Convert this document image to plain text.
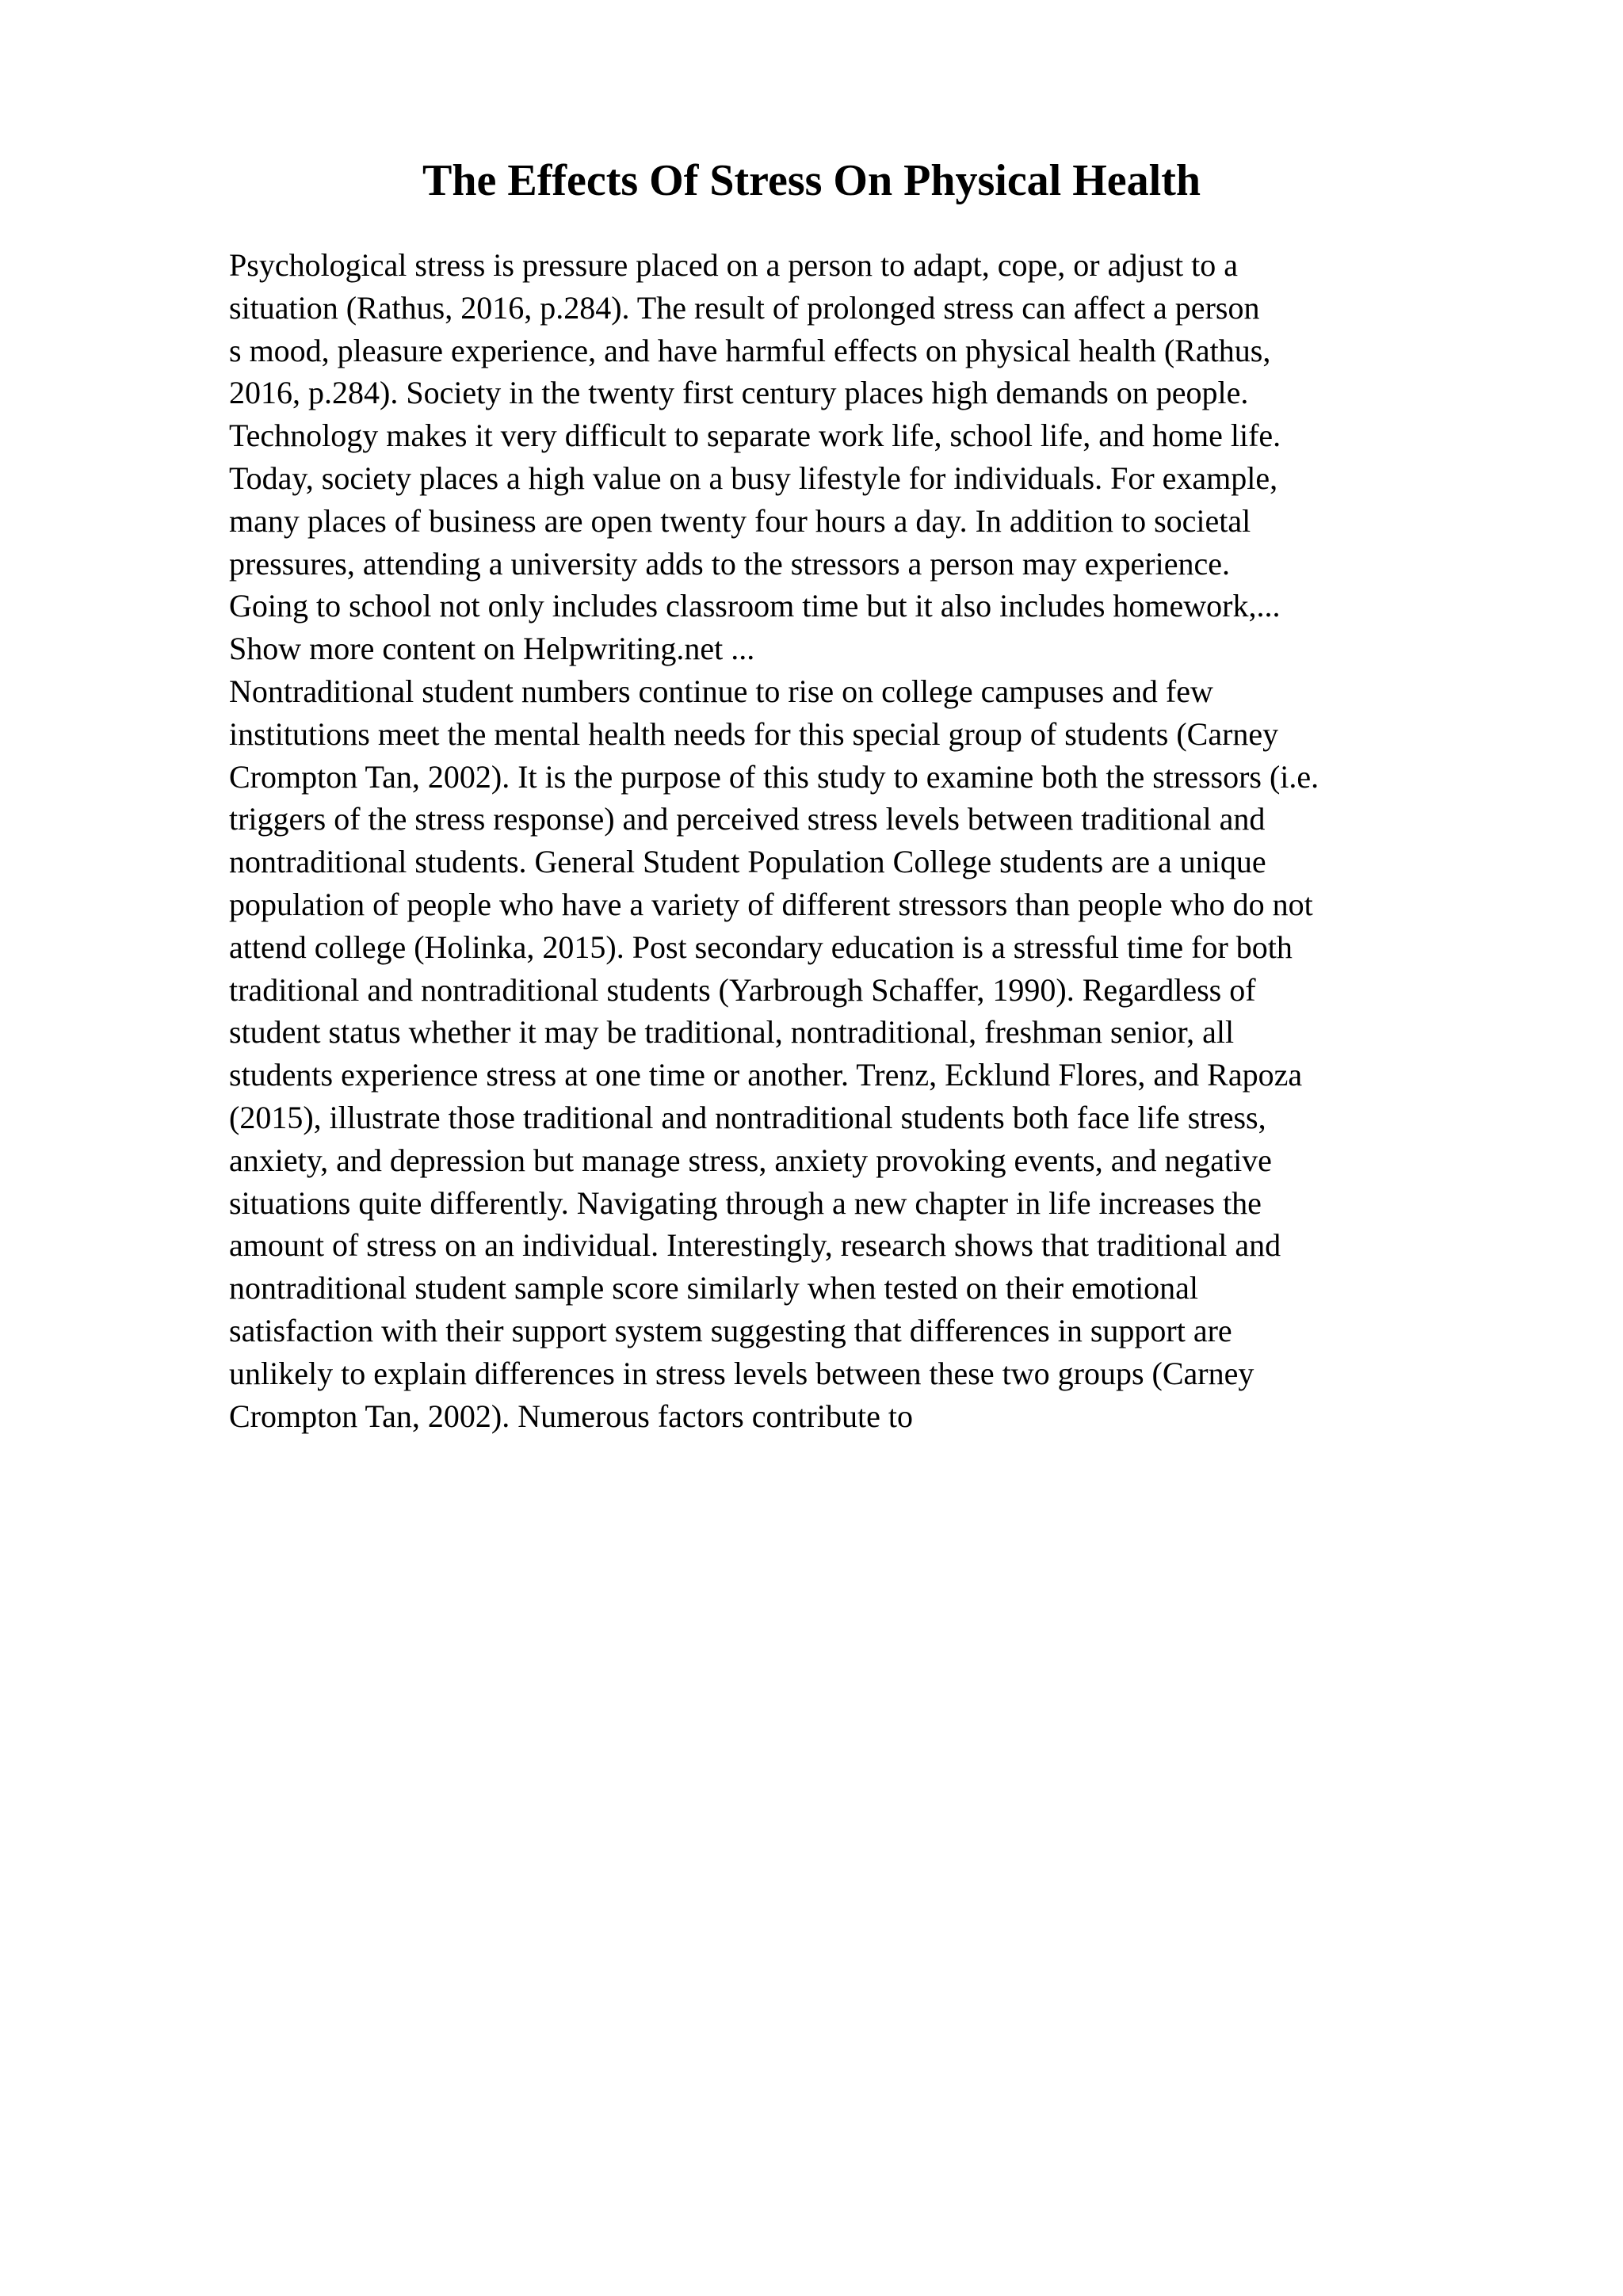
The Effects Of Stress On Physical Health
Psychological stress is pressure placed on a person to adapt, cope, or adjust to a
situation (Rathus, 2016, p.284). The result of prolonged stress can affect a person
s mood, pleasure experience, and have harmful effects on physical health (Rathus,
2016, p.284). Society in the twenty first century places high demands on people.
Technology makes it very difficult to separate work life, school life, and home life.
Today, society places a high value on a busy lifestyle for individuals. For example,
many places of business are open twenty four hours a day. In addition to societal
pressures, attending a university adds to the stressors a person may experience.
Going to school not only includes classroom time but it also includes homework,...
Show more content on Helpwriting.net ...
Nontraditional student numbers continue to rise on college campuses and few
institutions meet the mental health needs for this special group of students (Carney
Crompton Tan, 2002). It is the purpose of this study to examine both the stressors (i.e.
triggers of the stress response) and perceived stress levels between traditional and
nontraditional students. General Student Population College students are a unique
population of people who have a variety of different stressors than people who do not
attend college (Holinka, 2015). Post secondary education is a stressful time for both
traditional and nontraditional students (Yarbrough Schaffer, 1990). Regardless of
student status whether it may be traditional, nontraditional, freshman senior, all
students experience stress at one time or another. Trenz, Ecklund Flores, and Rapoza
(2015), illustrate those traditional and nontraditional students both face life stress,
anxiety, and depression but manage stress, anxiety provoking events, and negative
situations quite differently. Navigating through a new chapter in life increases the
amount of stress on an individual. Interestingly, research shows that traditional and
nontraditional student sample score similarly when tested on their emotional
satisfaction with their support system suggesting that differences in support are
unlikely to explain differences in stress levels between these two groups (Carney
Crompton Tan, 2002). Numerous factors contribute to
